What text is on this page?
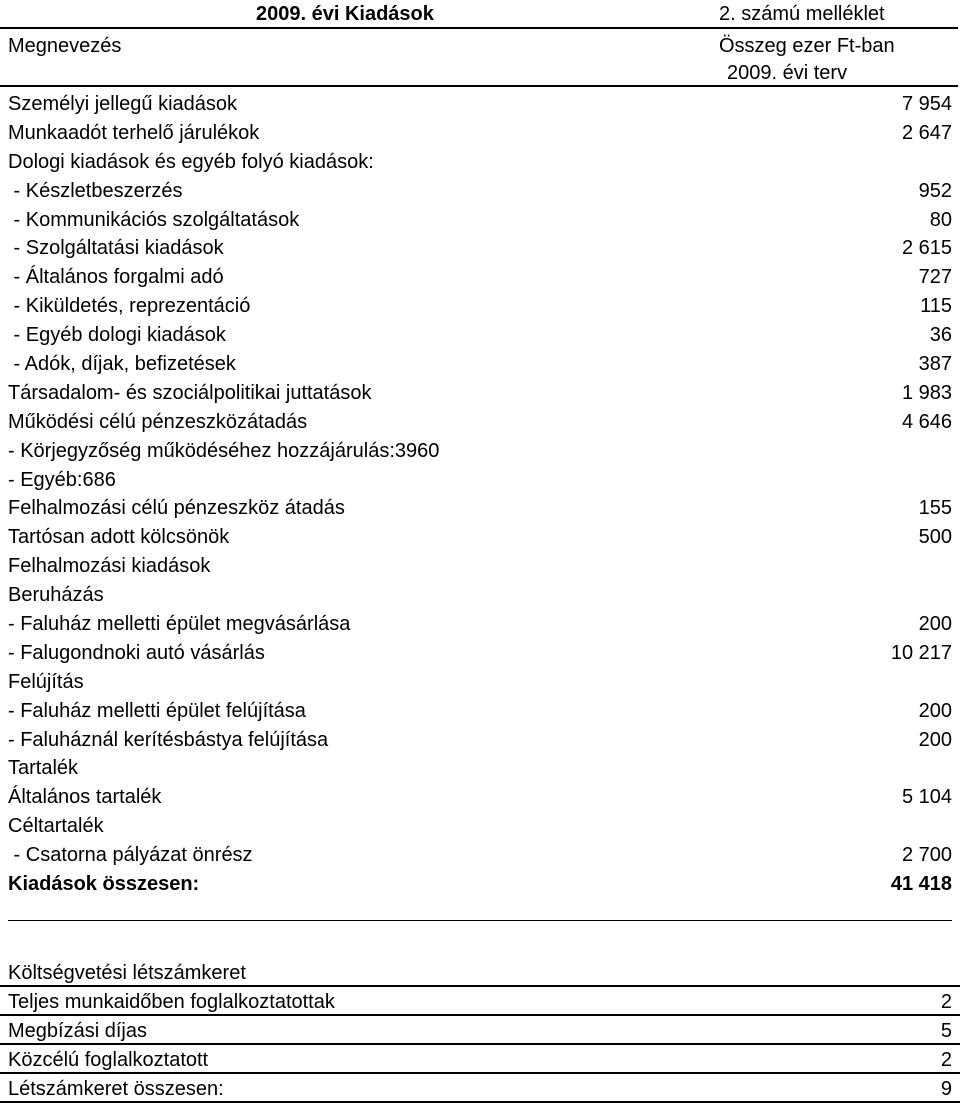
2009. évi Kiadások	2. számú melléklet
Megnevezés	Összeg ezer Ft-ban
2009. évi terv
Személyi jellegű kiadások	7 954
Munkaadót terhelő járulékok	2 647
Dologi kiadások és egyéb folyó kiadások:
- Készletbeszerzés	952
- Kommunikációs szolgáltatások	80
- Szolgáltatási kiadások	2 615
- Általános forgalmi adó	727
- Kiküldetés, reprezentáció	115
- Egyéb dologi kiadások	36
- Adók, díjak, befizetések	387
Társadalom- és szociálpolitikai juttatások	1 983
Működési célú pénzeszközátadás	4 646
- Körjegyzőség működéséhez hozzájárulás:3960
- Egyéb:686
Felhalmozási célú pénzeszköz átadás	155
Tartósan adott kölcsönök	500
Felhalmozási kiadások
Beruházás
- Faluház melletti épület megvásárlása	200
- Falugondnoki autó vásárlás	10 217
Felújítás
- Faluház melletti épület felújítása	200
- Faluháznál kerítésbástya felújítása	200
Tartalék
Általános tartalék	5 104
Céltartalék
- Csatorna pályázat önrész	2 700
Kiadások összesen:	41 418
Költségvetési létszámkeret
Teljes munkaidőben foglalkoztatottak	2
Megbízási díjas	5
Közcélú foglalkoztatott	2
Létszámkeret összesen:	9
